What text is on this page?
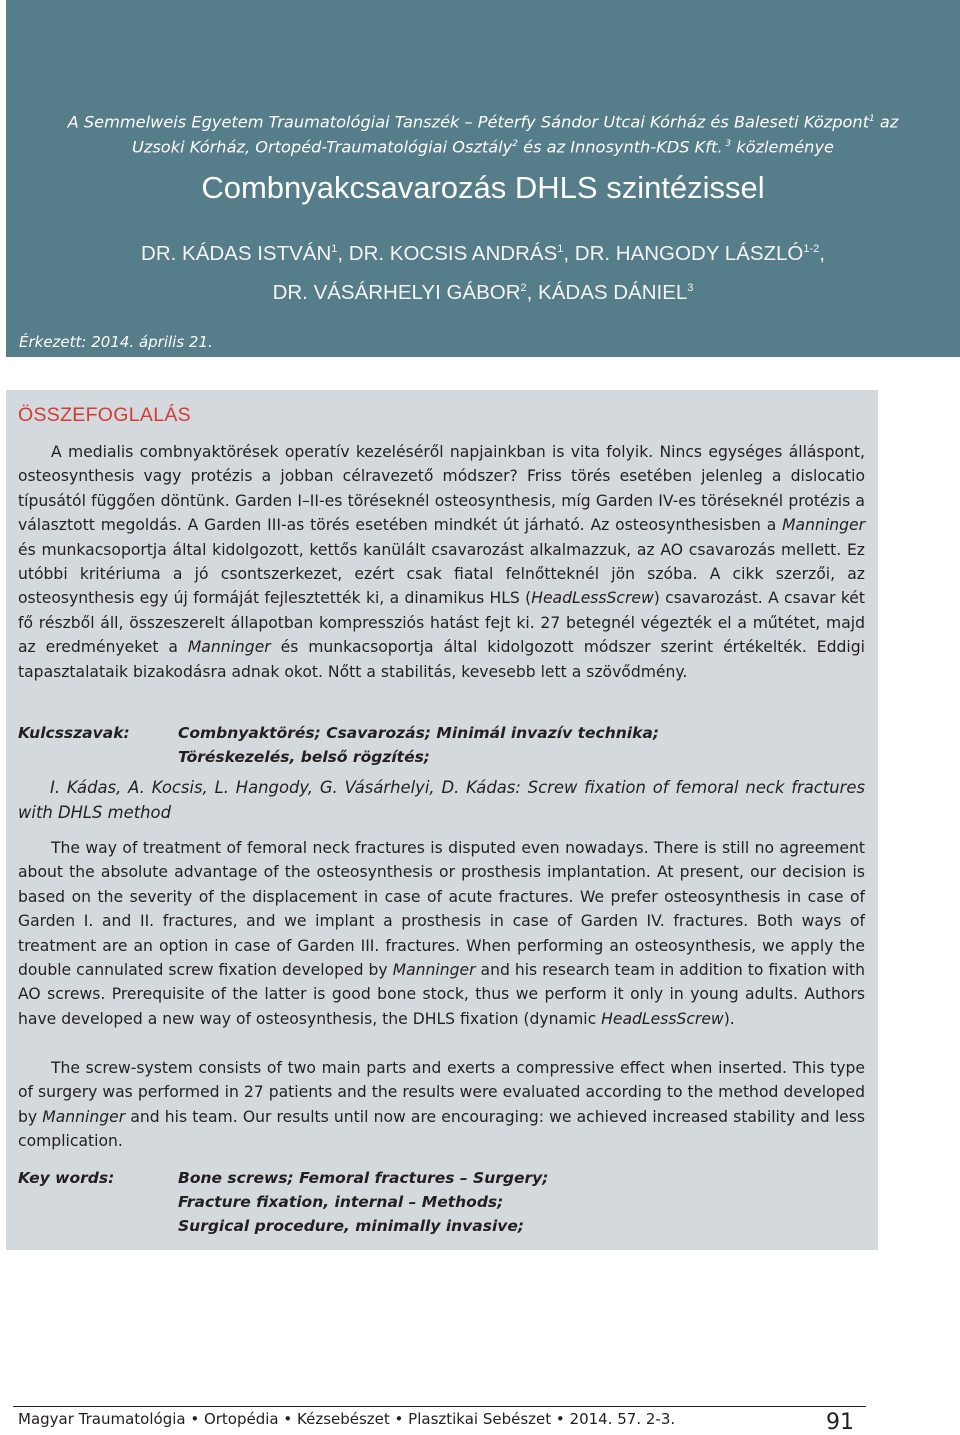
A Semmelweis Egyetem Traumatológiai Tanszék – Péterfy Sándor Utcai Kórház és Baleseti Központ$^1$ az
Uzsoki Kórház, Ortopéd-Traumatológiai Osztály$^2$ és az Innosynth-KDS Kft. $^3$ közleménye
Combnyakcsavarozás DHLS szintézissel
DR. KÁDAS ISTVÁN$^1$, DR. KOCSIS ANDRÁS$^1$, DR. HANGODY LÁSZLÓ$^{1-2}$,
DR. VÁSÁRHELYI GÁBOR$^2$, KÁDAS DÁNIEL$^3$
Érkezett: 2014. április 21.
ÖSSZEFOGLALÁS

A medialis combnyaktörések operatív kezeléséről napjainkban is vita folyik. Nincs egységes álláspont, osteosynthesis vagy protézis a jobban célravezető módszer? Friss törés esetében jelenleg a dislocatio típusától függően döntünk. Garden I–II-es töréseknél osteosynthesis, míg Garden IV-es töréseknél protézis a választott megoldás. A Garden III-as törés esetében mindkét út járható. Az osteosynthesisben a Manninger és munkacsoportja által kidolgozott, kettős kanülált csavarozást alkalmazzuk, az AO csavarozás mellett. Ez utóbbi kritériuma a jó csontszerkezet, ezért csak fiatal felnőtteknél jön szóba. A cikk szerzői, az osteosynthesis egy új formáját fejlesztették ki, a dinamikus HLS (HeadLessScrew) csavarozást. A csavar két fő részből áll, összeszerelt állapotban kompressziós hatást fejt ki. 27 betegnél végezték el a műtétet, majd az eredményeket a Manninger és munkacsoportja által kidolgozott módszer szerint értékelték. Eddigi tapasztalataik bizakodásra adnak okot. Nőtt a stabilitás, kevesebb lett a szövődmény.

Kulcsszavak:	Combnyaktörés; Csavarozás; Minimál invazív technika;
Töréskezelés, belső rögzítés;
I. Kádas, A. Kocsis, L. Hangody, G. Vásárhelyi, D. Kádas: Screw fixation of femoral neck fractures with DHLS method

The way of treatment of femoral neck fractures is disputed even nowadays. There is still no agreement about the absolute advantage of the osteosynthesis or prosthesis implantation. At present, our decision is based on the severity of the displacement in case of acute fractures. We prefer osteosynthesis in case of Garden I. and II. fractures, and we implant a prosthesis in case of Garden IV. fractures. Both ways of treatment are an option in case of Garden III. fractures. When performing an osteosynthesis, we apply the double cannulated screw fixation developed by Manninger and his research team in addition to fixation with AO screws. Prerequisite of the latter is good bone stock, thus we perform it only in young adults. Authors have developed a new way of osteosynthesis, the DHLS fixation (dynamic HeadLessScrew).

The screw-system consists of two main parts and exerts a compressive effect when inserted. This type of surgery was performed in 27 patients and the results were evaluated according to the method developed by Manninger and his team. Our results until now are encouraging: we achieved increased stability and less complication.

Key words:	Bone screws; Femoral fractures – Surgery;
Fracture fixation, internal – Methods;
Surgical procedure, minimally invasive;
Magyar Traumatológia • Ortopédia • Kézsebészet • Plasztikai Sebészet • 2014. 57. 2-3.	91
